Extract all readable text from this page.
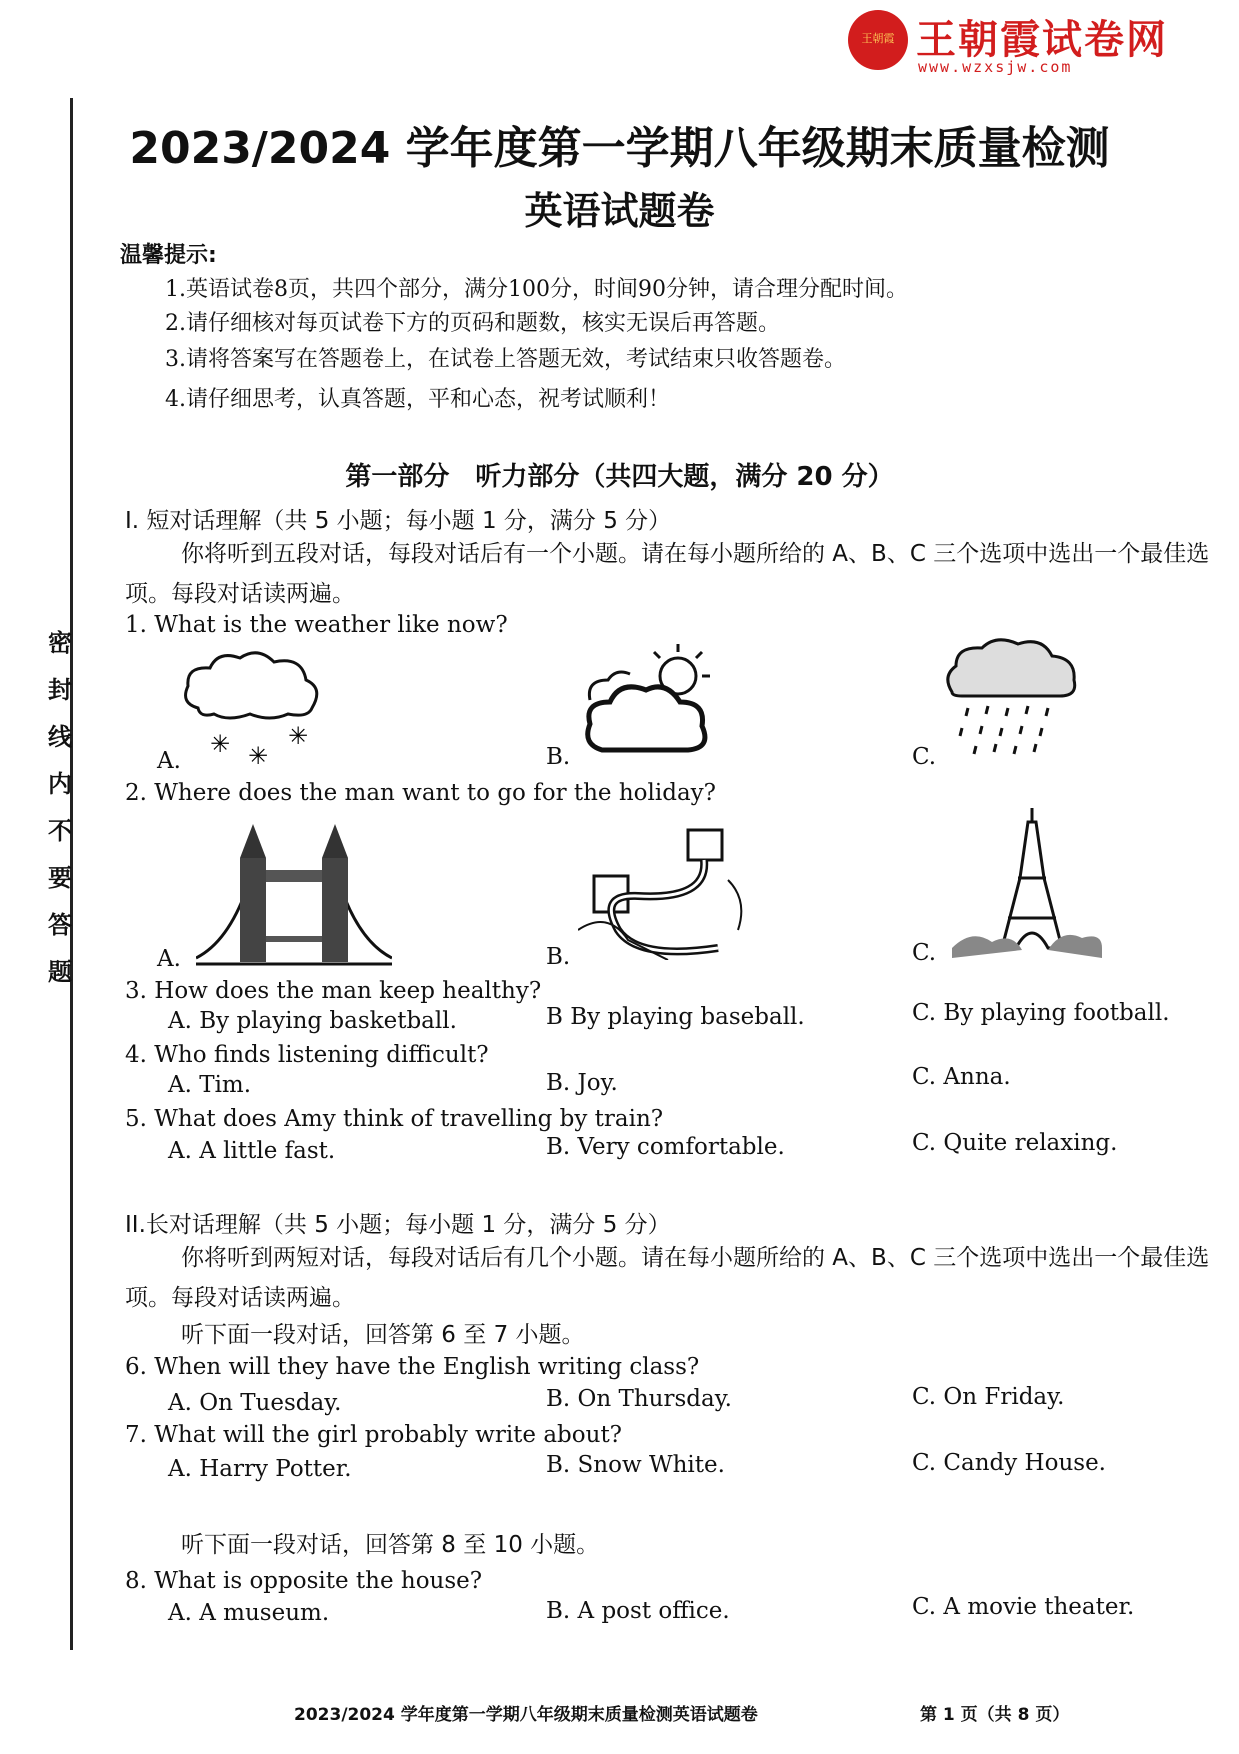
王朝霞 王朝霞试卷网
www.wzxsjw.com
密
封
线
内
不
要
答
题
2023/2024 学年度第一学期八年级期末质量检测
英语试题卷
温馨提示:
1.英语试卷8页，共四个部分，满分100分，时间90分钟，请合理分配时间。
2.请仔细核对每页试卷下方的页码和题数，核实无误后再答题。
3.请将答案写在答题卷上，在试卷上答题无效，考试结束只收答题卷。
4.请仔细思考，认真答题，平和心态，祝考试顺利！
第一部分　听力部分（共四大题，满分 20 分）
I. 短对话理解（共 5 小题；每小题 1 分，满分 5 分）
你将听到五段对话，每段对话后有一个小题。请在每小题所给的 A、B、C 三个选项中选出一个最佳选项。每段对话读两遍。
1. What is the weather like now?
A.	B.	C.
✳ ✳
✳
2. Where does the man want to go for the holiday?
A.	B.	C.
3. How does the man keep healthy?
A. By playing basketball.	B By playing baseball.	C. By playing football.
4. Who finds listening difficult?
A. Tim.	B. Joy.	C. Anna.
5. What does Amy think of travelling by train?
A. A little fast.	B. Very comfortable.	C. Quite relaxing.
II.长对话理解（共 5 小题；每小题 1 分，满分 5 分）
你将听到两短对话，每段对话后有几个小题。请在每小题所给的 A、B、C 三个选项中选出一个最佳选项。每段对话读两遍。
听下面一段对话，回答第 6 至 7 小题。
6. When will they have the English writing class?
A. On Tuesday.	B. On Thursday.	C. On Friday.
7. What will the girl probably write about?
A. Harry Potter.	B. Snow White.	C. Candy House.
听下面一段对话，回答第 8 至 10 小题。
8. What is opposite the house?
A. A museum.	B. A post office.	C. A movie theater.
2023/2024 学年度第一学期八年级期末质量检测英语试题卷	第 1 页（共 8 页）
